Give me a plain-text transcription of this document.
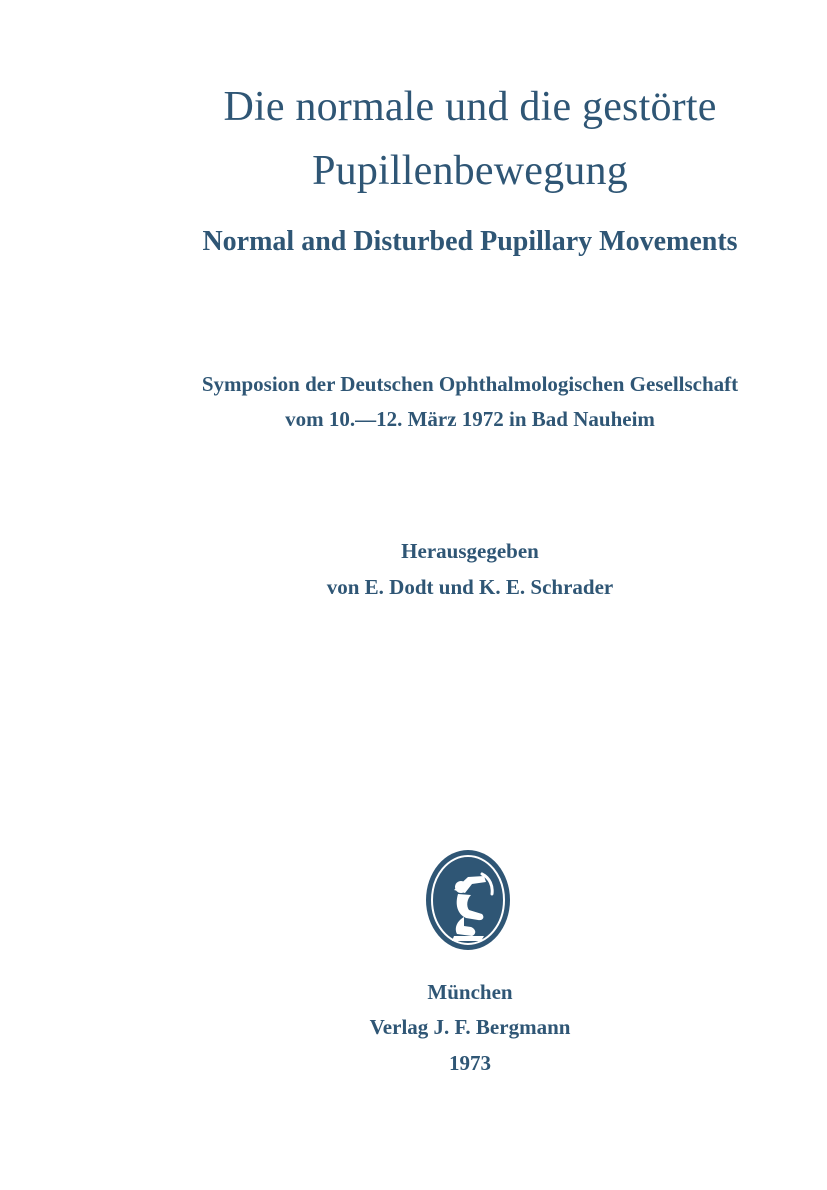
Die normale und die gestörte
Pupillenbewegung
Normal and Disturbed Pupillary Movements

Symposion der Deutschen Ophthalmologischen Gesellschaft

vom 10.—12. März 1972 in Bad Nauheim

Herausgegeben

von E. Dodt und K. E. Schrader

München

Verlag J. F. Bergmann

1973
